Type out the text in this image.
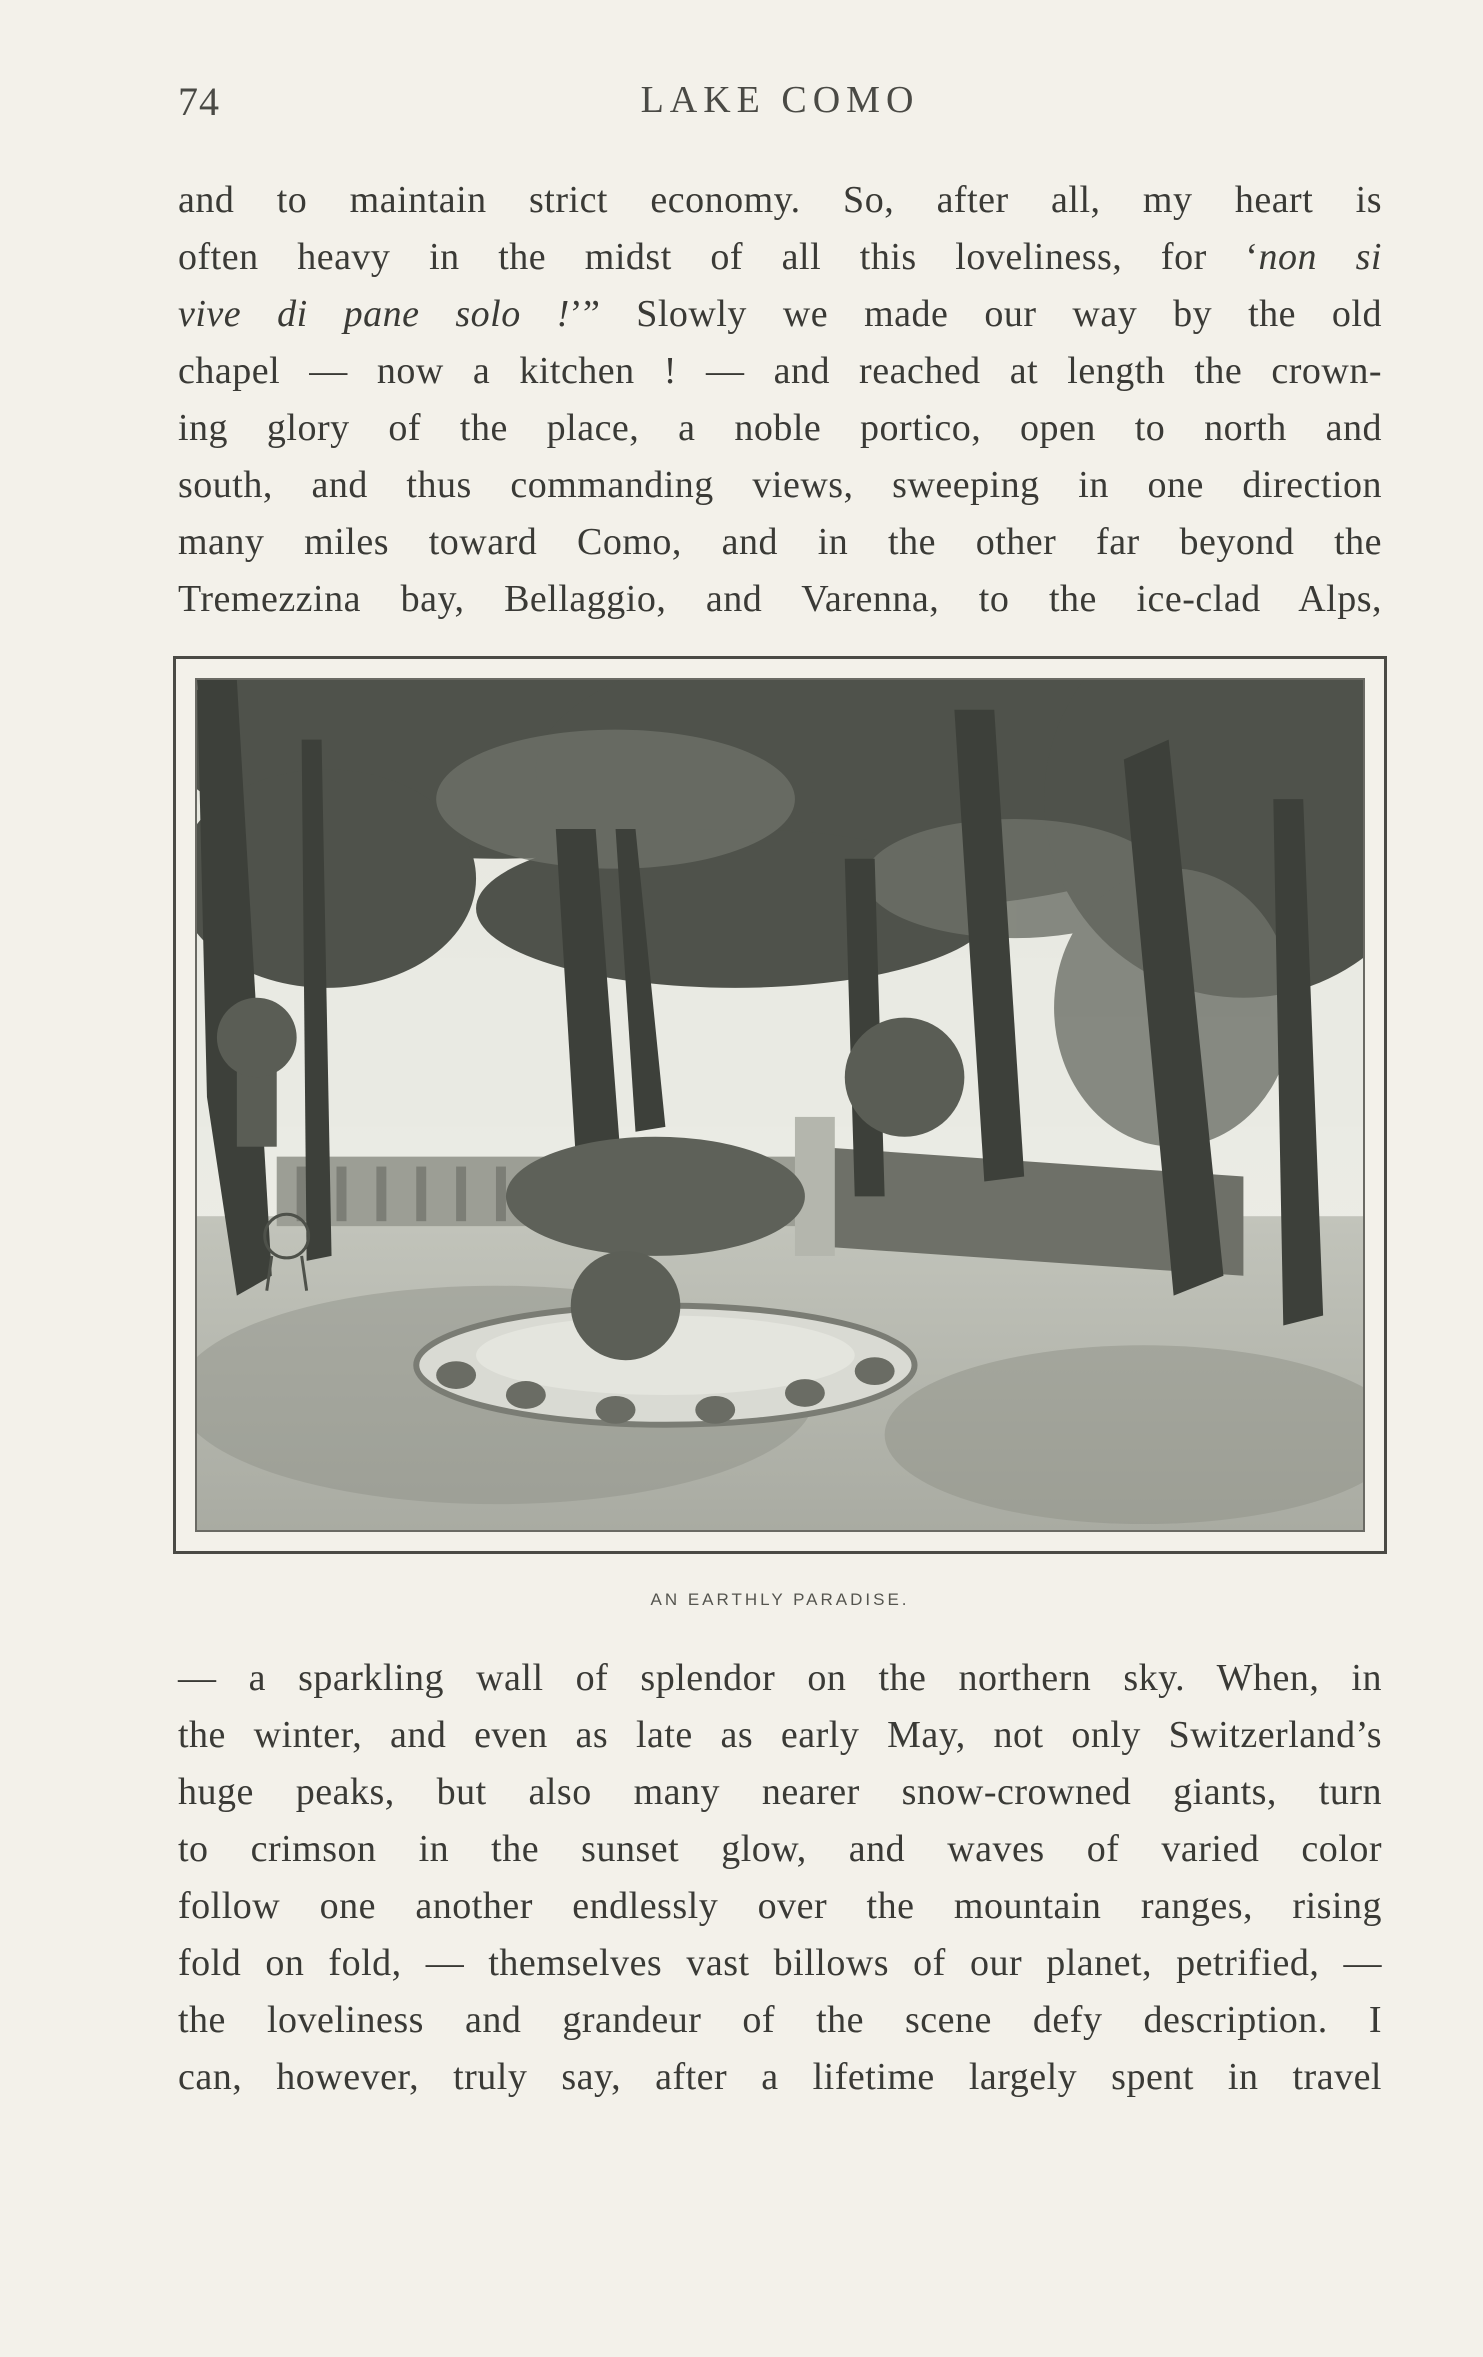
74	LAKE COMO
and to maintain strict economy. So, after all, my heart is
often heavy in the midst of all this loveliness, for ‘non si
vive di pane solo !’” Slowly we made our way by the old
chapel — now a kitchen ! — and reached at length the crown-
ing glory of the place, a noble portico, open to north and
south, and thus commanding views, sweeping in one direction
many miles toward Como, and in the other far beyond the
Tremezzina bay, Bellaggio, and Varenna, to the ice-clad Alps,
AN EARTHLY PARADISE.
— a sparkling wall of splendor on the northern sky. When, in
the winter, and even as late as early May, not only Switzerland’s
huge peaks, but also many nearer snow-crowned giants, turn
to crimson in the sunset glow, and waves of varied color
follow one another endlessly over the mountain ranges, rising
fold on fold, — themselves vast billows of our planet, petrified, —
the loveliness and grandeur of the scene defy description. I
can, however, truly say, after a lifetime largely spent in travel
